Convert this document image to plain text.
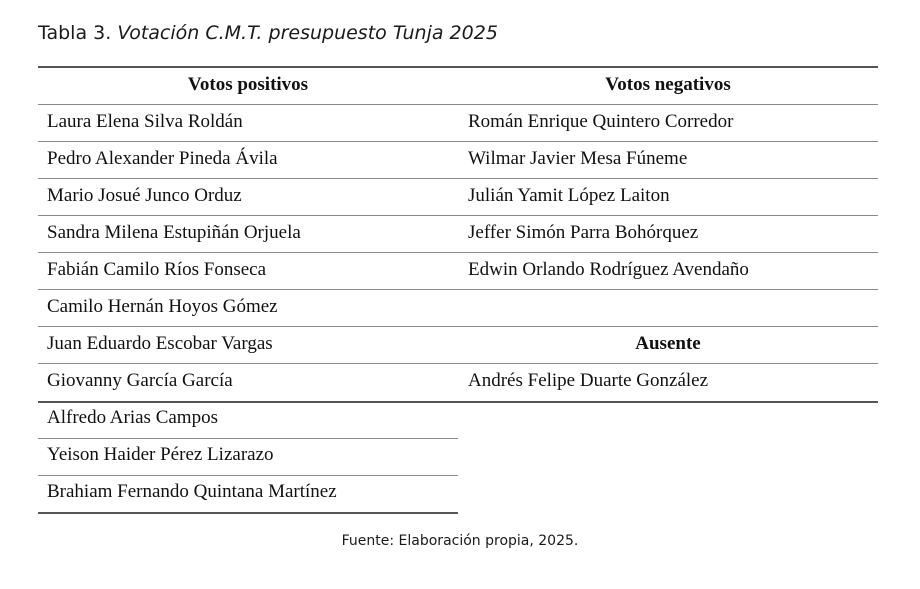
Tabla 3. Votación C.M.T. presupuesto Tunja 2025
Votos positivos	Votos negativos
Laura Elena Silva Roldán	Román Enrique Quintero Corredor
Pedro Alexander Pineda Ávila	Wilmar Javier Mesa Fúneme
Mario Josué Junco Orduz	Julián Yamit López Laiton
Sandra Milena Estupiñán Orjuela	Jeffer Simón Parra Bohórquez
Fabián Camilo Ríos Fonseca	Edwin Orlando Rodríguez Avendaño
Camilo Hernán Hoyos Gómez
Juan Eduardo Escobar Vargas	Ausente
Giovanny García García	Andrés Felipe Duarte González
Alfredo Arias Campos
Yeison Haider Pérez Lizarazo
Brahiam Fernando Quintana Martínez
Fuente: Elaboración propia, 2025.
